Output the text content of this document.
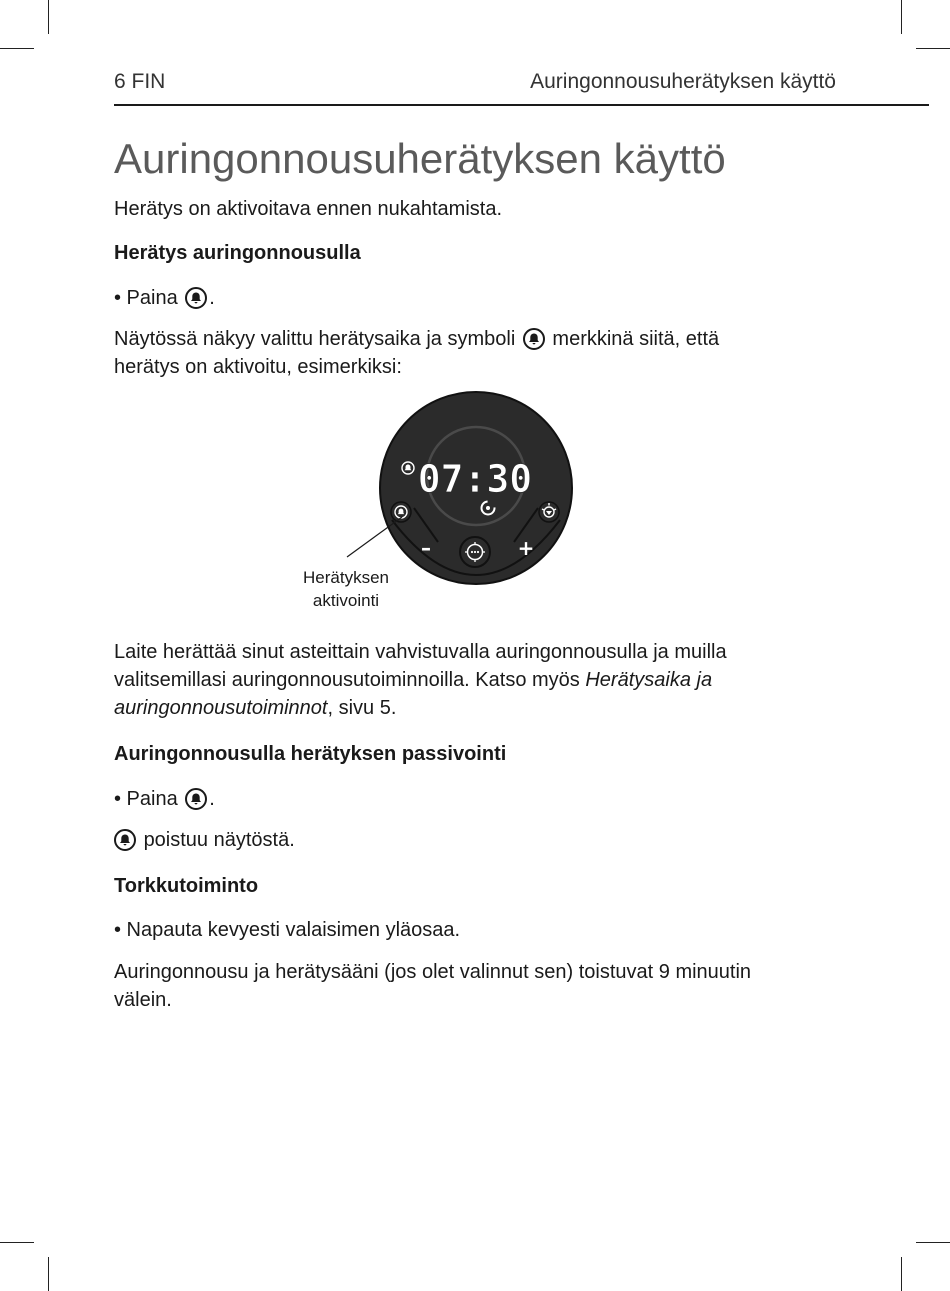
6 FIN	Auringonnousuherätyksen käyttö
Auringonnousuherätyksen käyttö

Herätys on aktivoitava ennen nukahtamista.

Herätys auringonnousulla

• Paina .

Näytössä näkyy valittu herätysaika ja symboli merkkinä siitä, että
herätys on aktivoitu, esimerkiksi:

07:30
–	+
Herätyksen
aktivointi

Laite herättää sinut asteittain vahvistuvalla auringonnousulla ja muilla
valitsemillasi auringonnousutoiminnoilla. Katso myös Herätysaika ja
auringonnousutoiminnot, sivu 5.

Auringonnousulla herätyksen passivointi

• Paina .

poistuu näytöstä.

Torkkutoiminto

• Napauta kevyesti valaisimen yläosaa.

Auringonnousu ja herätysääni (jos olet valinnut sen) toistuvat 9 minuutin
välein.
